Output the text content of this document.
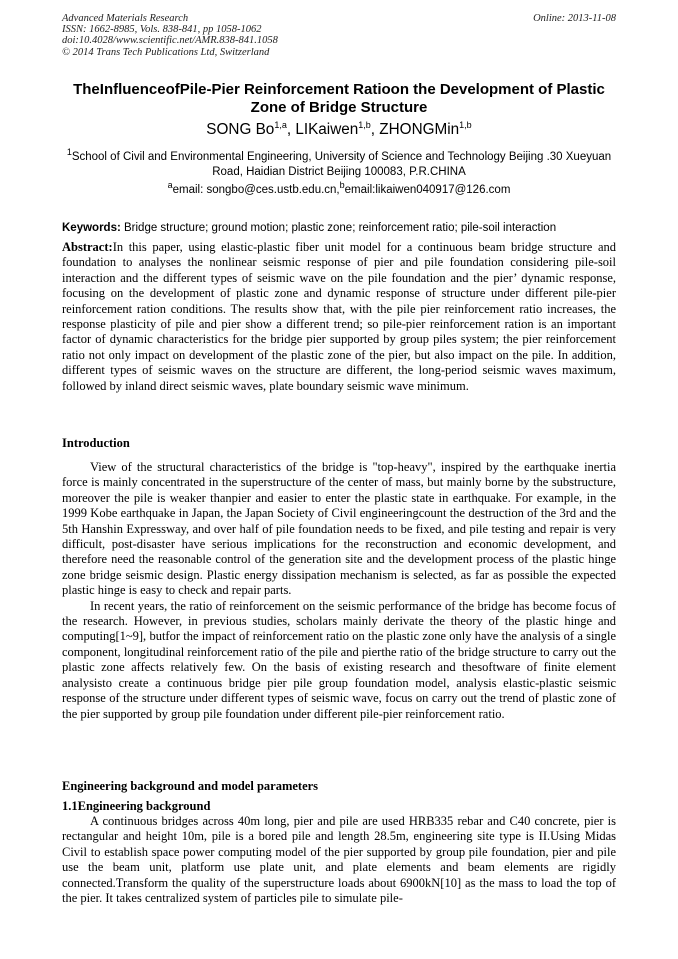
Advanced Materials Research
ISSN: 1662-8985, Vols. 838-841, pp 1058-1062
doi:10.4028/www.scientific.net/AMR.838-841.1058
© 2014 Trans Tech Publications Ltd, Switzerland
Online: 2013-11-08
TheInfluenceofPile-Pier Reinforcement Ratioon the Development of Plastic Zone of Bridge Structure
SONG Bo$^{1,a}$, LIKaiwen$^{1,b}$, ZHONGMin$^{1,b}$
$^1$School of Civil and Environmental Engineering, University of Science and Technology Beijing .30 Xueyuan Road, Haidian District Beijing 100083, P.R.CHINA
$^a$email: songbo@ces.ustb.edu.cn,$^b$email:likaiwen040917@126.com
Keywords: Bridge structure; ground motion; plastic zone; reinforcement ratio; pile-soil interaction
Abstract:In this paper, using elastic-plastic fiber unit model for a continuous beam bridge structure and foundation to analyses the nonlinear seismic response of pier and pile foundation considering pile-soil interaction and the different types of seismic wave on the pile foundation and the pier’ dynamic response, focusing on the development of plastic zone and dynamic response of structure under different pile-pier reinforcement ration conditions. The results show that, with the pile pier reinforcement ratio increases, the response plasticity of pile and pier show a different trend; so pile-pier reinforcement ration is an important factor of dynamic characteristics for the bridge pier supported by group piles system; the pier reinforcement ratio not only impact on development of the plastic zone of the pier, but also impact on the pile. In addition, different types of seismic waves on the structure are different, the long-period seismic waves maximum, followed by inland direct seismic waves, plate boundary seismic wave minimum.
Introduction

View of the structural characteristics of the bridge is "top-heavy", inspired by the earthquake inertia force is mainly concentrated in the superstructure of the center of mass, but mainly borne by the substructure, moreover the pile is weaker thanpier and easier to enter the plastic state in earthquake. For example, in the 1999 Kobe earthquake in Japan, the Japan Society of Civil engineeringcount the destruction of the 3rd and the 5th Hanshin Expressway, and over half of pile foundation needs to be fixed, and pile testing and repair is very difficult, post-disaster have serious implications for the reconstruction and economic development, and therefore need the reasonable control of the generation site and the development process of the plastic hinge zone bridge seismic design. Plastic energy dissipation mechanism is selected, as far as possible the expected plastic hinge is easy to check and repair parts.

In recent years, the ratio of reinforcement on the seismic performance of the bridge has become focus of the research. However, in previous studies, scholars mainly derivate the theory of the plastic hinge and computing[1~9], butfor the impact of reinforcement ratio on the plastic zone only have the analysis of a single component, longitudinal reinforcement ratio of the pile and pierthe ratio of the bridge structure to carry out the plastic zone affects relatively few. On the basis of existing research and thesoftware of finite element analysisto create a continuous bridge pier pile group foundation model, analysis elastic-plastic seismic response of the structure under different types of seismic wave, focus on carry out the trend of plastic zone of the pier supported by group pile foundation under different pile-pier reinforcement ratio.

Engineering background and model parameters
1.1Engineering background

A continuous bridges across 40m long, pier and pile are used HRB335 rebar and C40 concrete, pier is rectangular and height 10m, pile is a bored pile and length 28.5m, engineering site type is II.Using Midas Civil to establish space power computing model of the pier supported by group pile foundation, pier and pile use the beam unit, platform use plate unit, and plate elements and beam elements are rigidly connected.Transform the quality of the superstructure loads about 6900kN[10] as the mass to load the top of the pier. It takes centralized system of particles pile to simulate pile-
